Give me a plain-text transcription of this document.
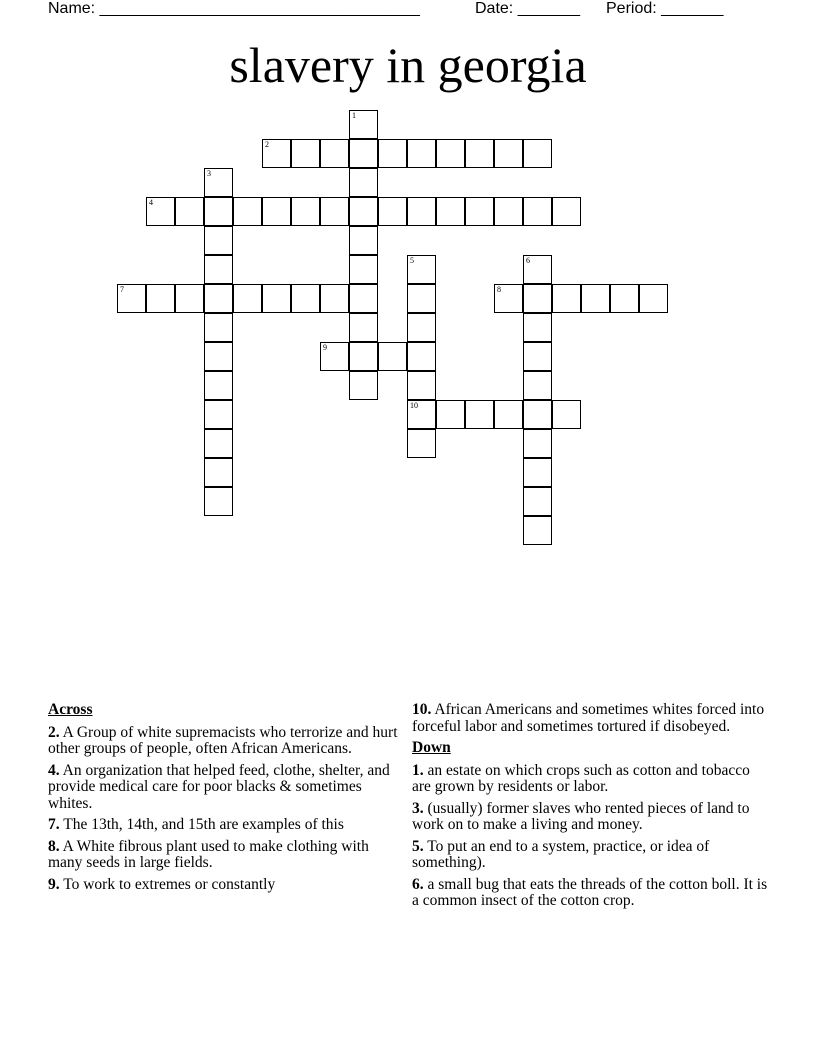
Name: ____________________________________	Date: _______ Period: _______
slavery in georgia
1
2
3
4
5
10
6
7	8
9
Across
2. A Group of white supremacists who terrorize and hurt other groups of people, often African Americans.
4. An organization that helped feed, clothe, shelter, and provide medical care for poor blacks & sometimes whites.
7. The 13th, 14th, and 15th are examples of this
8. A White fibrous plant used to make clothing with many seeds in large fields.
9. To work to extremes or constantly
10. African Americans and sometimes whites forced into forceful labor and sometimes tortured if disobeyed.
Down
1. an estate on which crops such as cotton and tobacco are grown by residents or labor.
3. (usually) former slaves who rented pieces of land to work on to make a living and money.
5. To put an end to a system, practice, or idea of something).
6. a small bug that eats the threads of the cotton boll. It is a common insect of the cotton crop.
